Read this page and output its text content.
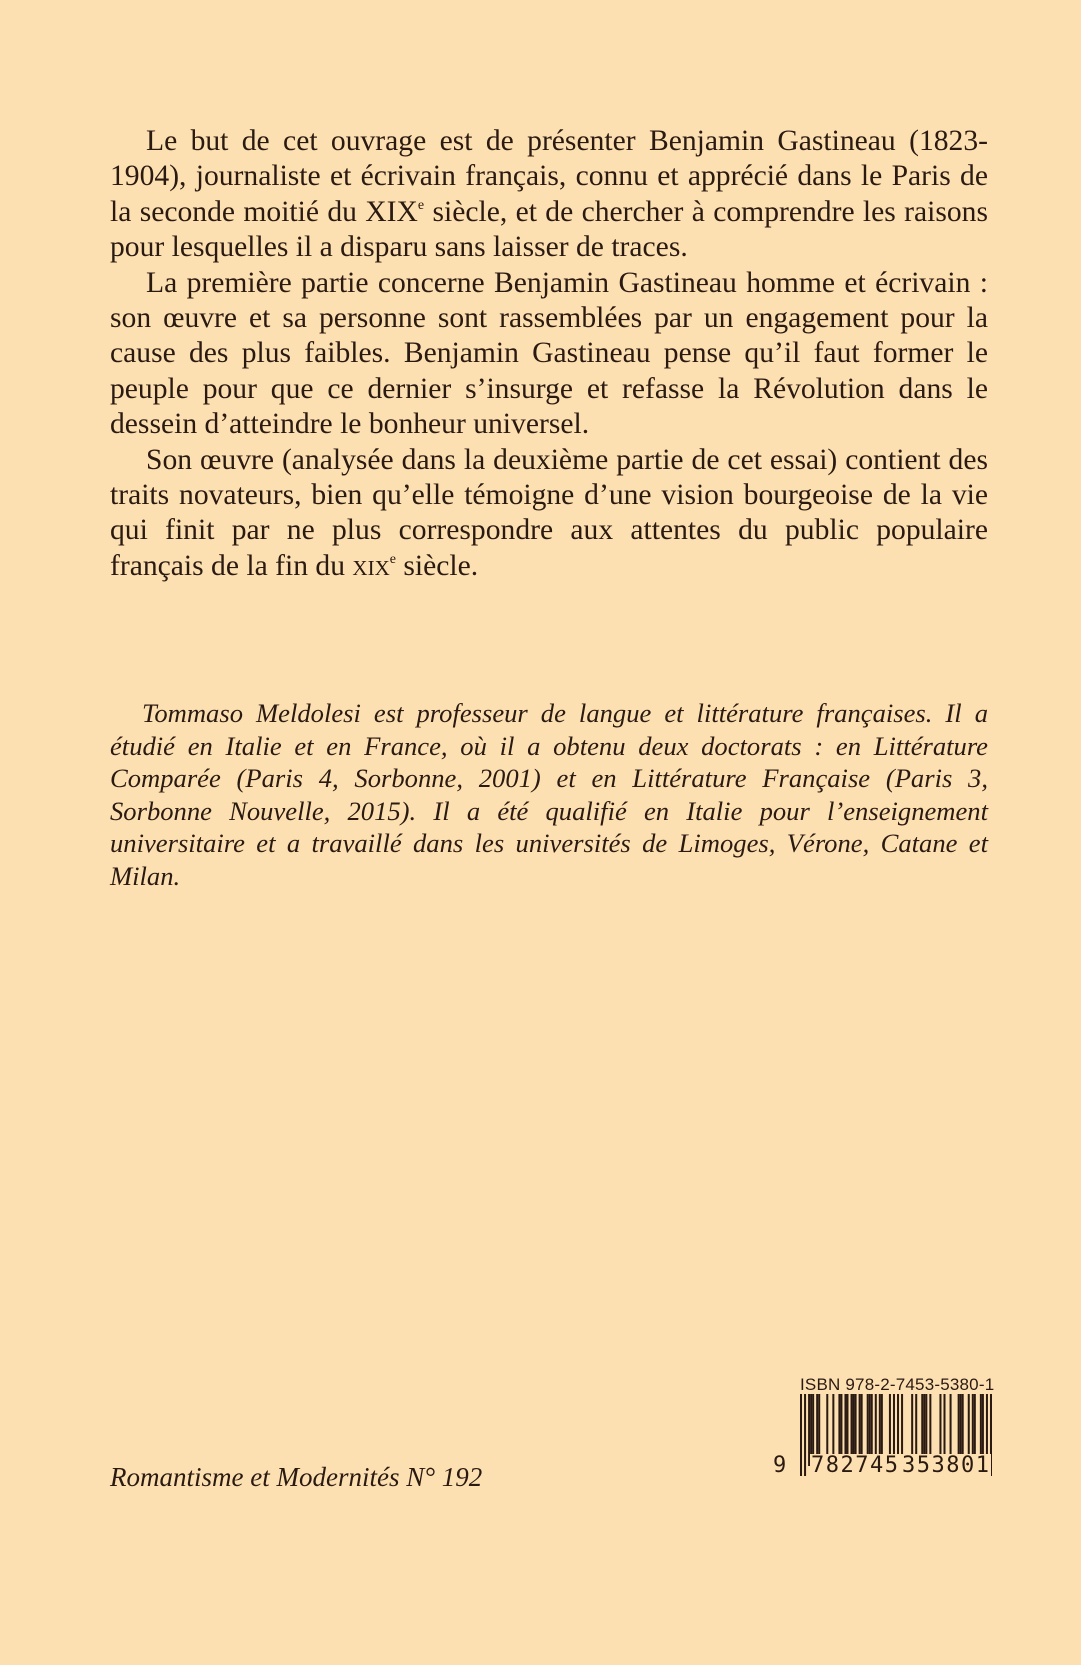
Le but de cet ouvrage est de présenter Benjamin Gastineau (1823-1904), journaliste et écrivain français, connu et apprécié dans le Paris de la seconde moitié du XIXe siècle, et de chercher à comprendre les raisons pour lesquelles il a disparu sans laisser de traces.

La première partie concerne Benjamin Gastineau homme et écrivain : son œuvre et sa personne sont rassemblées par un engagement pour la cause des plus faibles. Benjamin Gastineau pense qu’il faut former le peuple pour que ce dernier s’insurge et refasse la Révolution dans le dessein d’atteindre le bonheur universel.

Son œuvre (analysée dans la deuxième partie de cet essai) contient des traits novateurs, bien qu’elle témoigne d’une vision bourgeoise de la vie qui finit par ne plus correspondre aux attentes du public populaire français de la fin du xix$^e$ siècle.

Tommaso Meldolesi est professeur de langue et littérature françaises. Il a étudié en Italie et en France, où il a obtenu deux doctorats : en Littérature Comparée (Paris 4, Sorbonne, 2001) et en Littérature Française (Paris 3, Sorbonne Nouvelle, 2015). Il a été qualifié en Italie pour l’enseignement universitaire et a travaillé dans les universités de Limoges, Vérone, Catane et Milan.

Romantisme et Modernités N° 192
ISBN 978-2-7453-5380-1
9 782745 353801
